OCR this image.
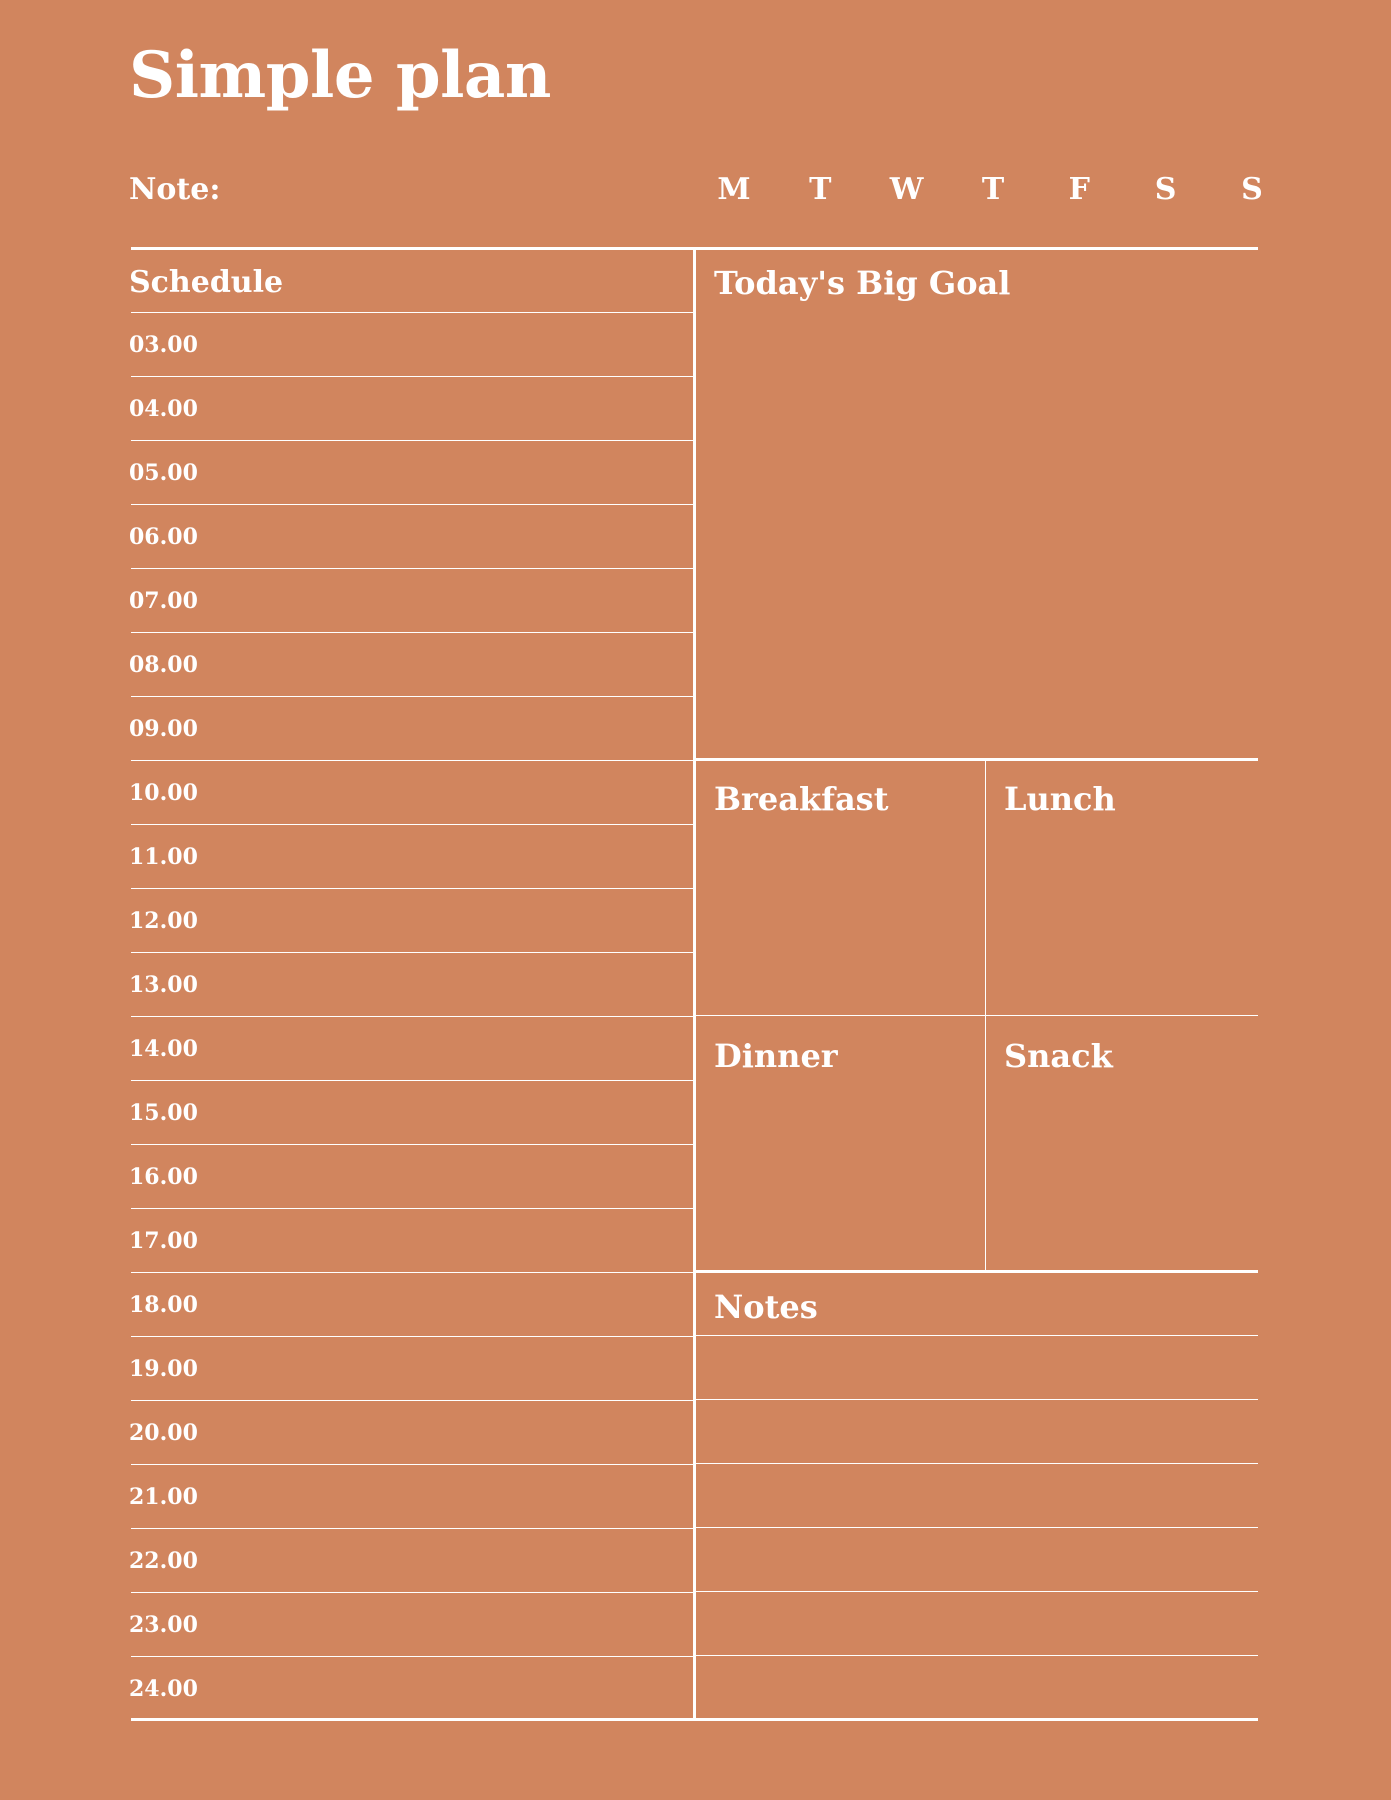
Simple plan
Note:	M	T	W	T	F	S	S
Schedule
03.00
04.00
05.00
06.00
07.00
08.00
09.00
10.00
11.00
12.00
13.00
14.00
15.00
16.00
17.00
18.00
19.00
20.00
21.00
22.00
23.00
24.00
Today's Big Goal
Breakfast	Lunch
Dinner	Snack
Notes
